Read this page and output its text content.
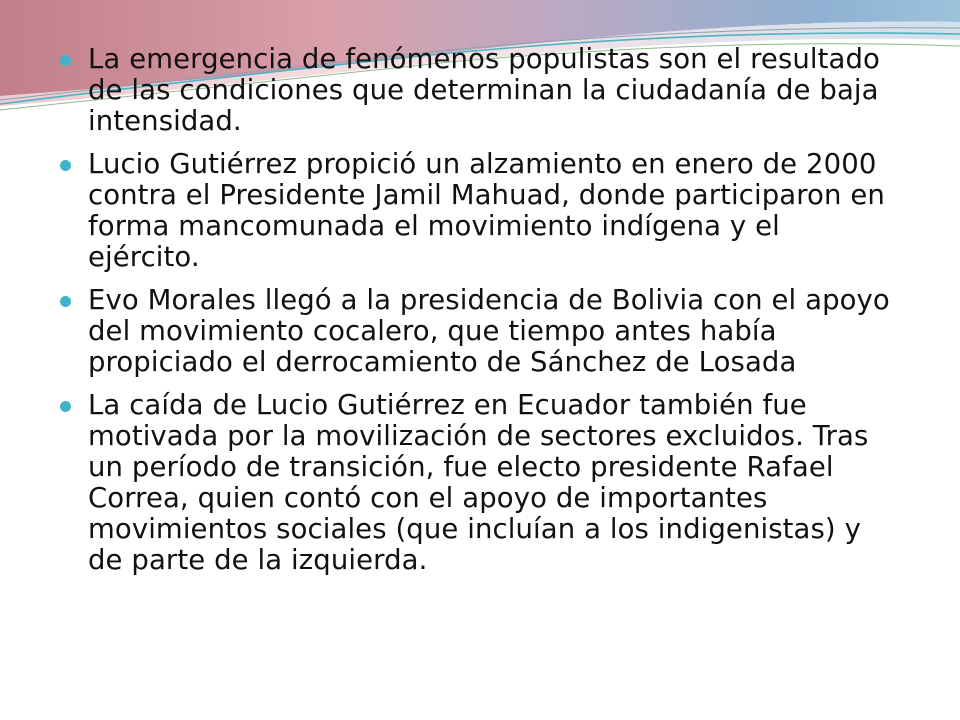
La emergencia de fenómenos populistas son el resultado de las condiciones que determinan la ciudadanía de baja intensidad.
Lucio Gutiérrez propició un alzamiento en enero de 2000 contra el Presidente Jamil Mahuad, donde participaron en forma mancomunada el movimiento indígena y el ejército.
Evo Morales llegó a la presidencia de Bolivia con el apoyo del movimiento cocalero, que tiempo antes había propiciado el derrocamiento de Sánchez de Losada
La caída de Lucio Gutiérrez en Ecuador también fue motivada por la movilización de sectores excluidos. Tras un período de transición, fue electo presidente Rafael Correa, quien contó con el apoyo de importantes movimientos sociales (que incluían a los indigenistas) y de parte de la izquierda.
